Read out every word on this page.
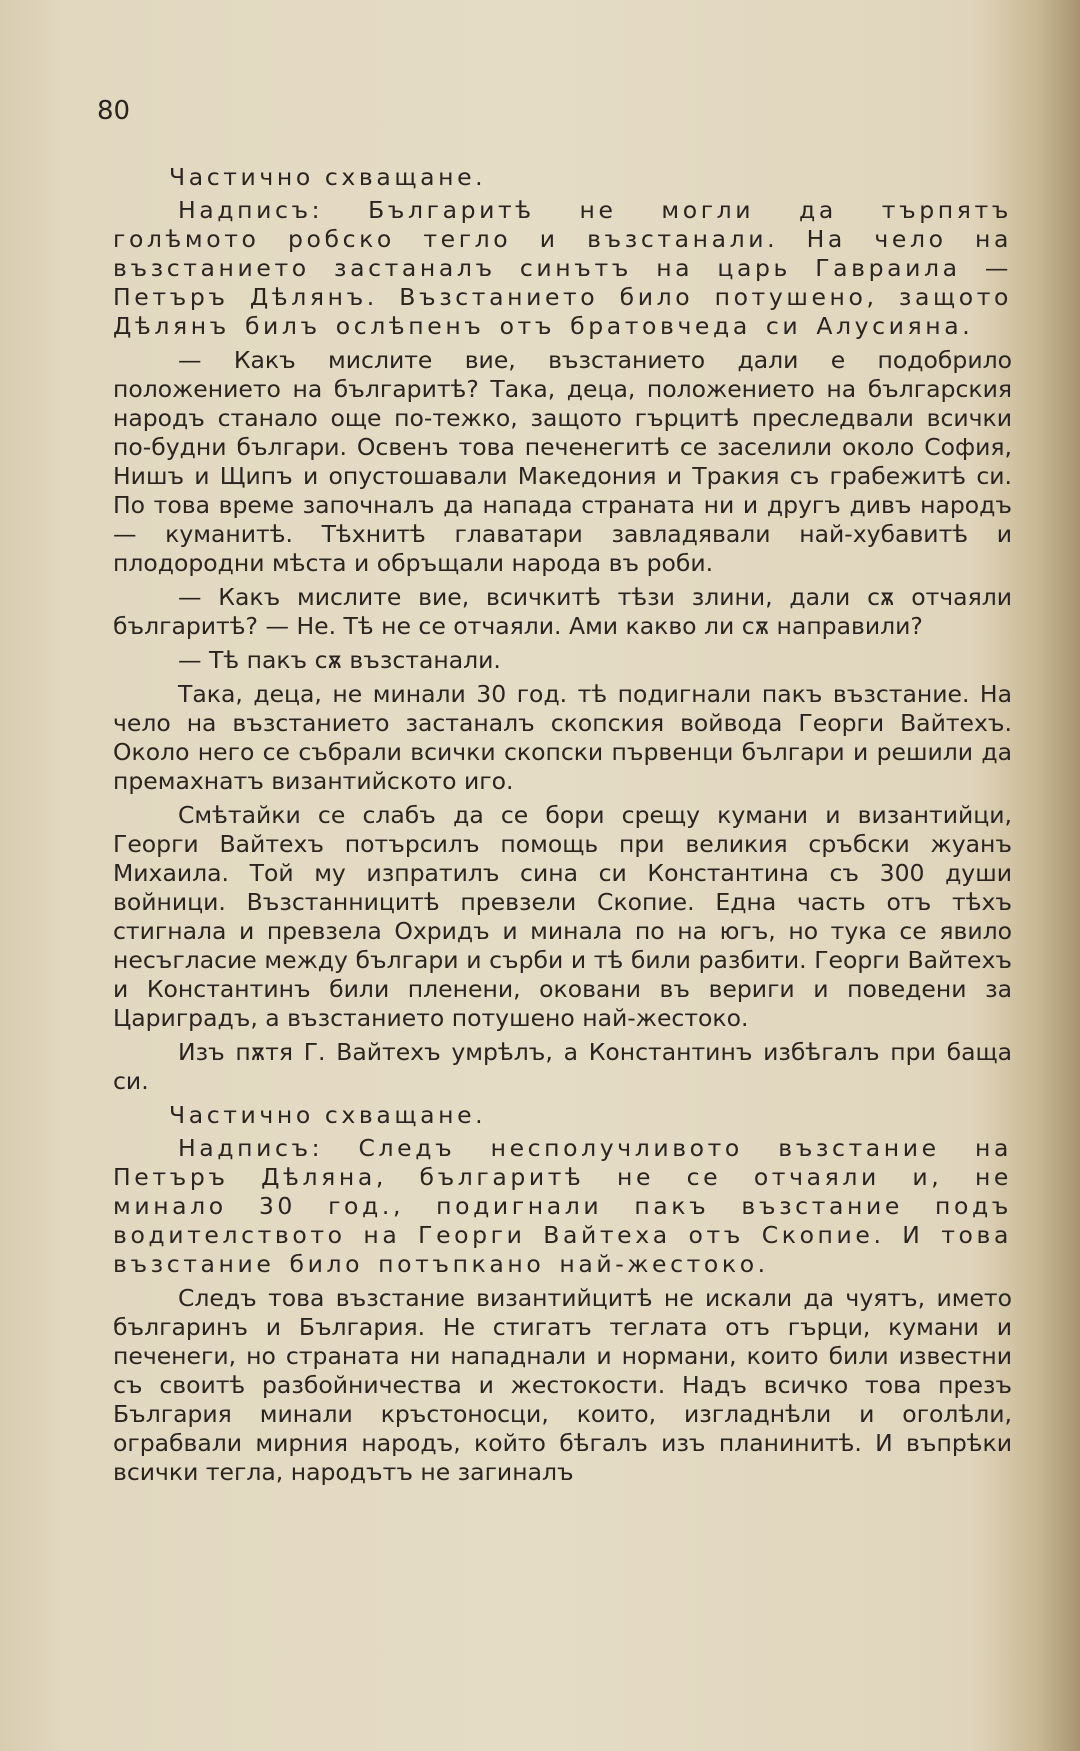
80

Частично схващане.

Надписъ: Българитѣ не могли да търпятъ голѣмото робско тегло и възстанали. На чело на възстанието застаналъ синътъ на царь Гавраила — Петъръ Дѣлянъ. Възстанието било потушено, защото Дѣлянъ билъ ослѣпенъ отъ братовчеда си Алусияна.

— Какъ мислите вие, възстанието дали е подобрило положението на българитѣ? Така, деца, положението на българския народъ станало още по-тежко, защото гърцитѣ преследвали всички по-будни българи. Освенъ това печенегитѣ се заселили около София, Нишъ и Щипъ и опустошавали Македония и Тракия съ грабежитѣ си. По това време започналъ да напада страната ни и другъ дивъ народъ — куманитѣ. Тѣхнитѣ главатари завладявали най-хубавитѣ и плодородни мѣста и обръщали народа въ роби.

— Какъ мислите вие, всичкитѣ тѣзи злини, дали сѫ отчаяли българитѣ? — Не. Тѣ не се отчаяли. Ами какво ли сѫ направили?

— Тѣ пакъ сѫ възстанали.

Така, деца, не минали 30 год. тѣ подигнали пакъ възстание. На чело на възстанието застаналъ скопския войвода Георги Вайтехъ. Около него се събрали всички скопски първенци българи и решили да премахнатъ византийското иго.

Смѣтайки се слабъ да се бори срещу кумани и византийци, Георги Вайтехъ потърсилъ помощь при великия сръбски жуанъ Михаила. Той му изпратилъ сина си Константина съ 300 души войници. Възстанницитѣ превзели Скопие. Една часть отъ тѣхъ стигнала и превзела Охридъ и минала по на югъ, но тука се явило несъгласие между българи и сърби и тѣ били разбити. Георги Вайтехъ и Константинъ били пленени, оковани въ вериги и поведени за Цариградъ, а възстанието потушено най-жестоко.

Изъ пѫтя Г. Вайтехъ умрѣлъ, а Константинъ избѣгалъ при баща си.

Частично схващане.

Надписъ: Следъ несполучливото възстание на Петъръ Дѣляна, българитѣ не се отчаяли и, не минало 30 год., подигнали пакъ възстание подъ водителството на Георги Вайтеха отъ Скопие. И това възстание било потъпкано най-жестоко.

Следъ това възстание византийцитѣ не искали да чуятъ, името българинъ и България. Не стигатъ теглата отъ гърци, кумани и печенеги, но страната ни нападнали и нормани, които били известни съ своитѣ разбойничества и жестокости. Надъ всичко това презъ България минали кръстоносци, които, изгладнѣли и оголѣли, ограбвали мирния народъ, който бѣгалъ изъ планинитѣ. И въпрѣки всички тегла, народътъ не загиналъ
